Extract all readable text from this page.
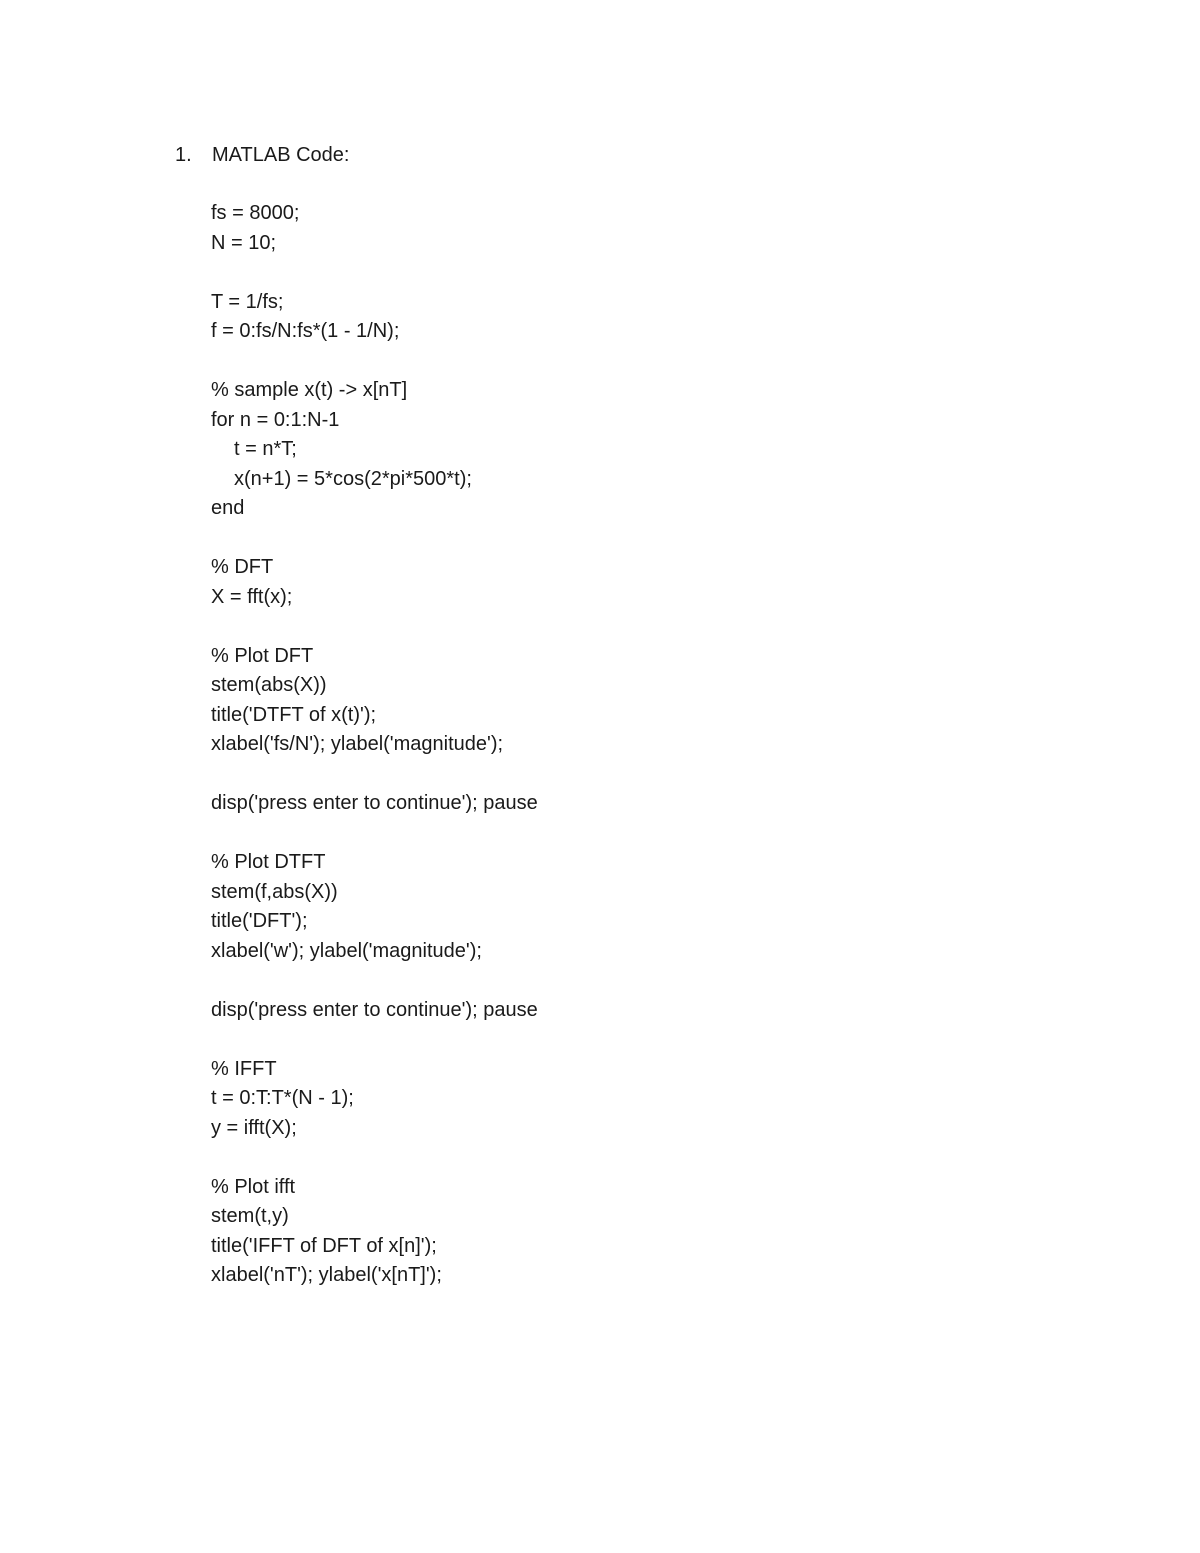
1.	MATLAB Code:
fs = 8000;
N = 10;
T = 1/fs;
f = 0:fs/N:fs*(1 - 1/N);
% sample x(t) -> x[nT]
for n = 0:1:N-1
t = n*T;
x(n+1) = 5*cos(2*pi*500*t);
end
% DFT
X = fft(x);
% Plot DFT
stem(abs(X))
title('DTFT of x(t)');
xlabel('fs/N'); ylabel('magnitude');
disp('press enter to continue'); pause
% Plot DTFT
stem(f,abs(X))
title('DFT');
xlabel('w'); ylabel('magnitude');
disp('press enter to continue'); pause
% IFFT
t = 0:T:T*(N - 1);
y = ifft(X);
% Plot ifft
stem(t,y)
title('IFFT of DFT of x[n]');
xlabel('nT'); ylabel('x[nT]');
